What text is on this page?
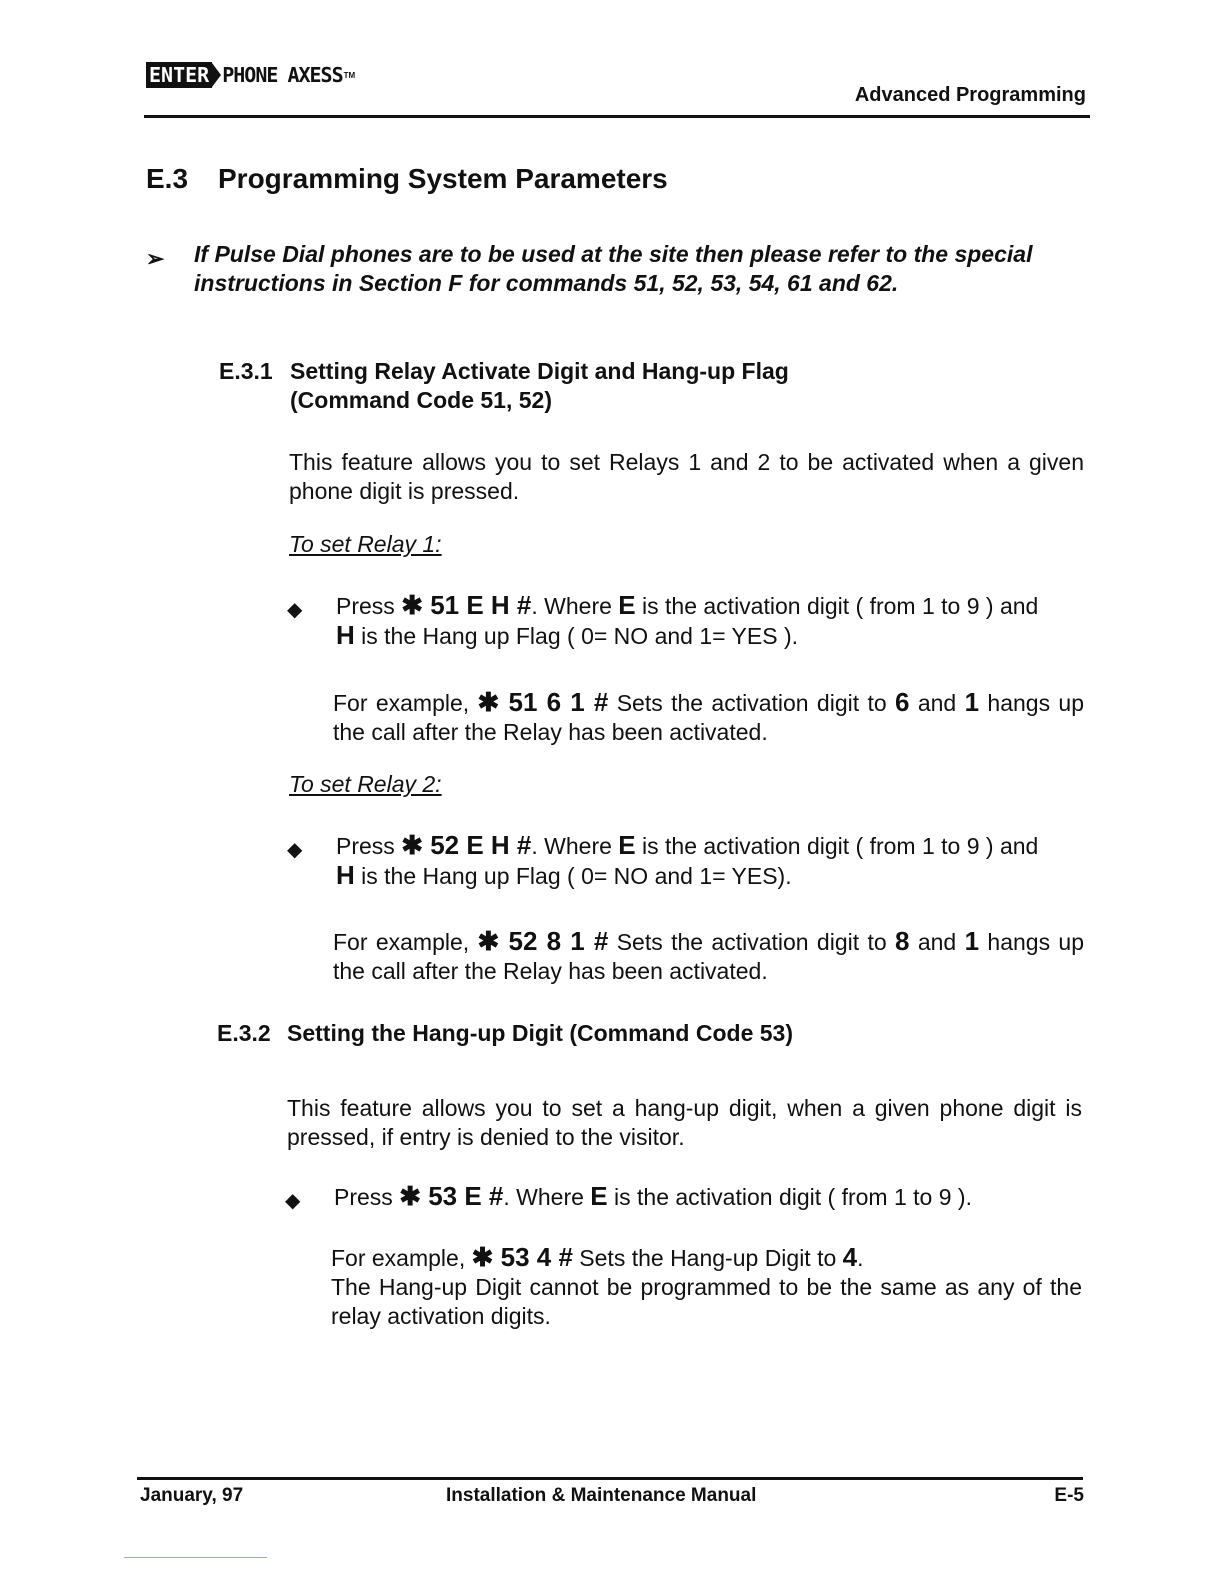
ENTER PHONE AXESS TM
Advanced Programming
E.3 Programming System Parameters
➢ If Pulse Dial phones are to be used at the site then please refer to the special instructions in Section F for commands 51, 52, 53, 54, 61 and 62.
E.3.1 Setting Relay Activate Digit and Hang-up Flag
(Command Code 51, 52)
This feature allows you to set Relays 1 and 2 to be activated when a given phone digit is pressed.
To set Relay 1:
◆ Press ✱ 51 E H #. Where E is the activation digit ( from 1 to 9 ) and
H is the Hang up Flag ( 0= NO and 1= YES ).
For example, ✱ 51 6 1 # Sets the activation digit to 6 and 1 hangs up the call after the Relay has been activated.
To set Relay 2:
◆ Press ✱ 52 E H #. Where E is the activation digit ( from 1 to 9 ) and
H is the Hang up Flag ( 0= NO and 1= YES).
For example, ✱ 52 8 1 # Sets the activation digit to 8 and 1 hangs up the call after the Relay has been activated.
E.3.2 Setting the Hang-up Digit (Command Code 53)
This feature allows you to set a hang-up digit, when a given phone digit is pressed, if entry is denied to the visitor.
◆ Press ✱ 53 E #. Where E is the activation digit ( from 1 to 9 ).
For example, ✱ 53 4 # Sets the Hang-up Digit to 4.
The Hang-up Digit cannot be programmed to be the same as any of the relay activation digits.
January, 97	Installation & Maintenance Manual	E-5
